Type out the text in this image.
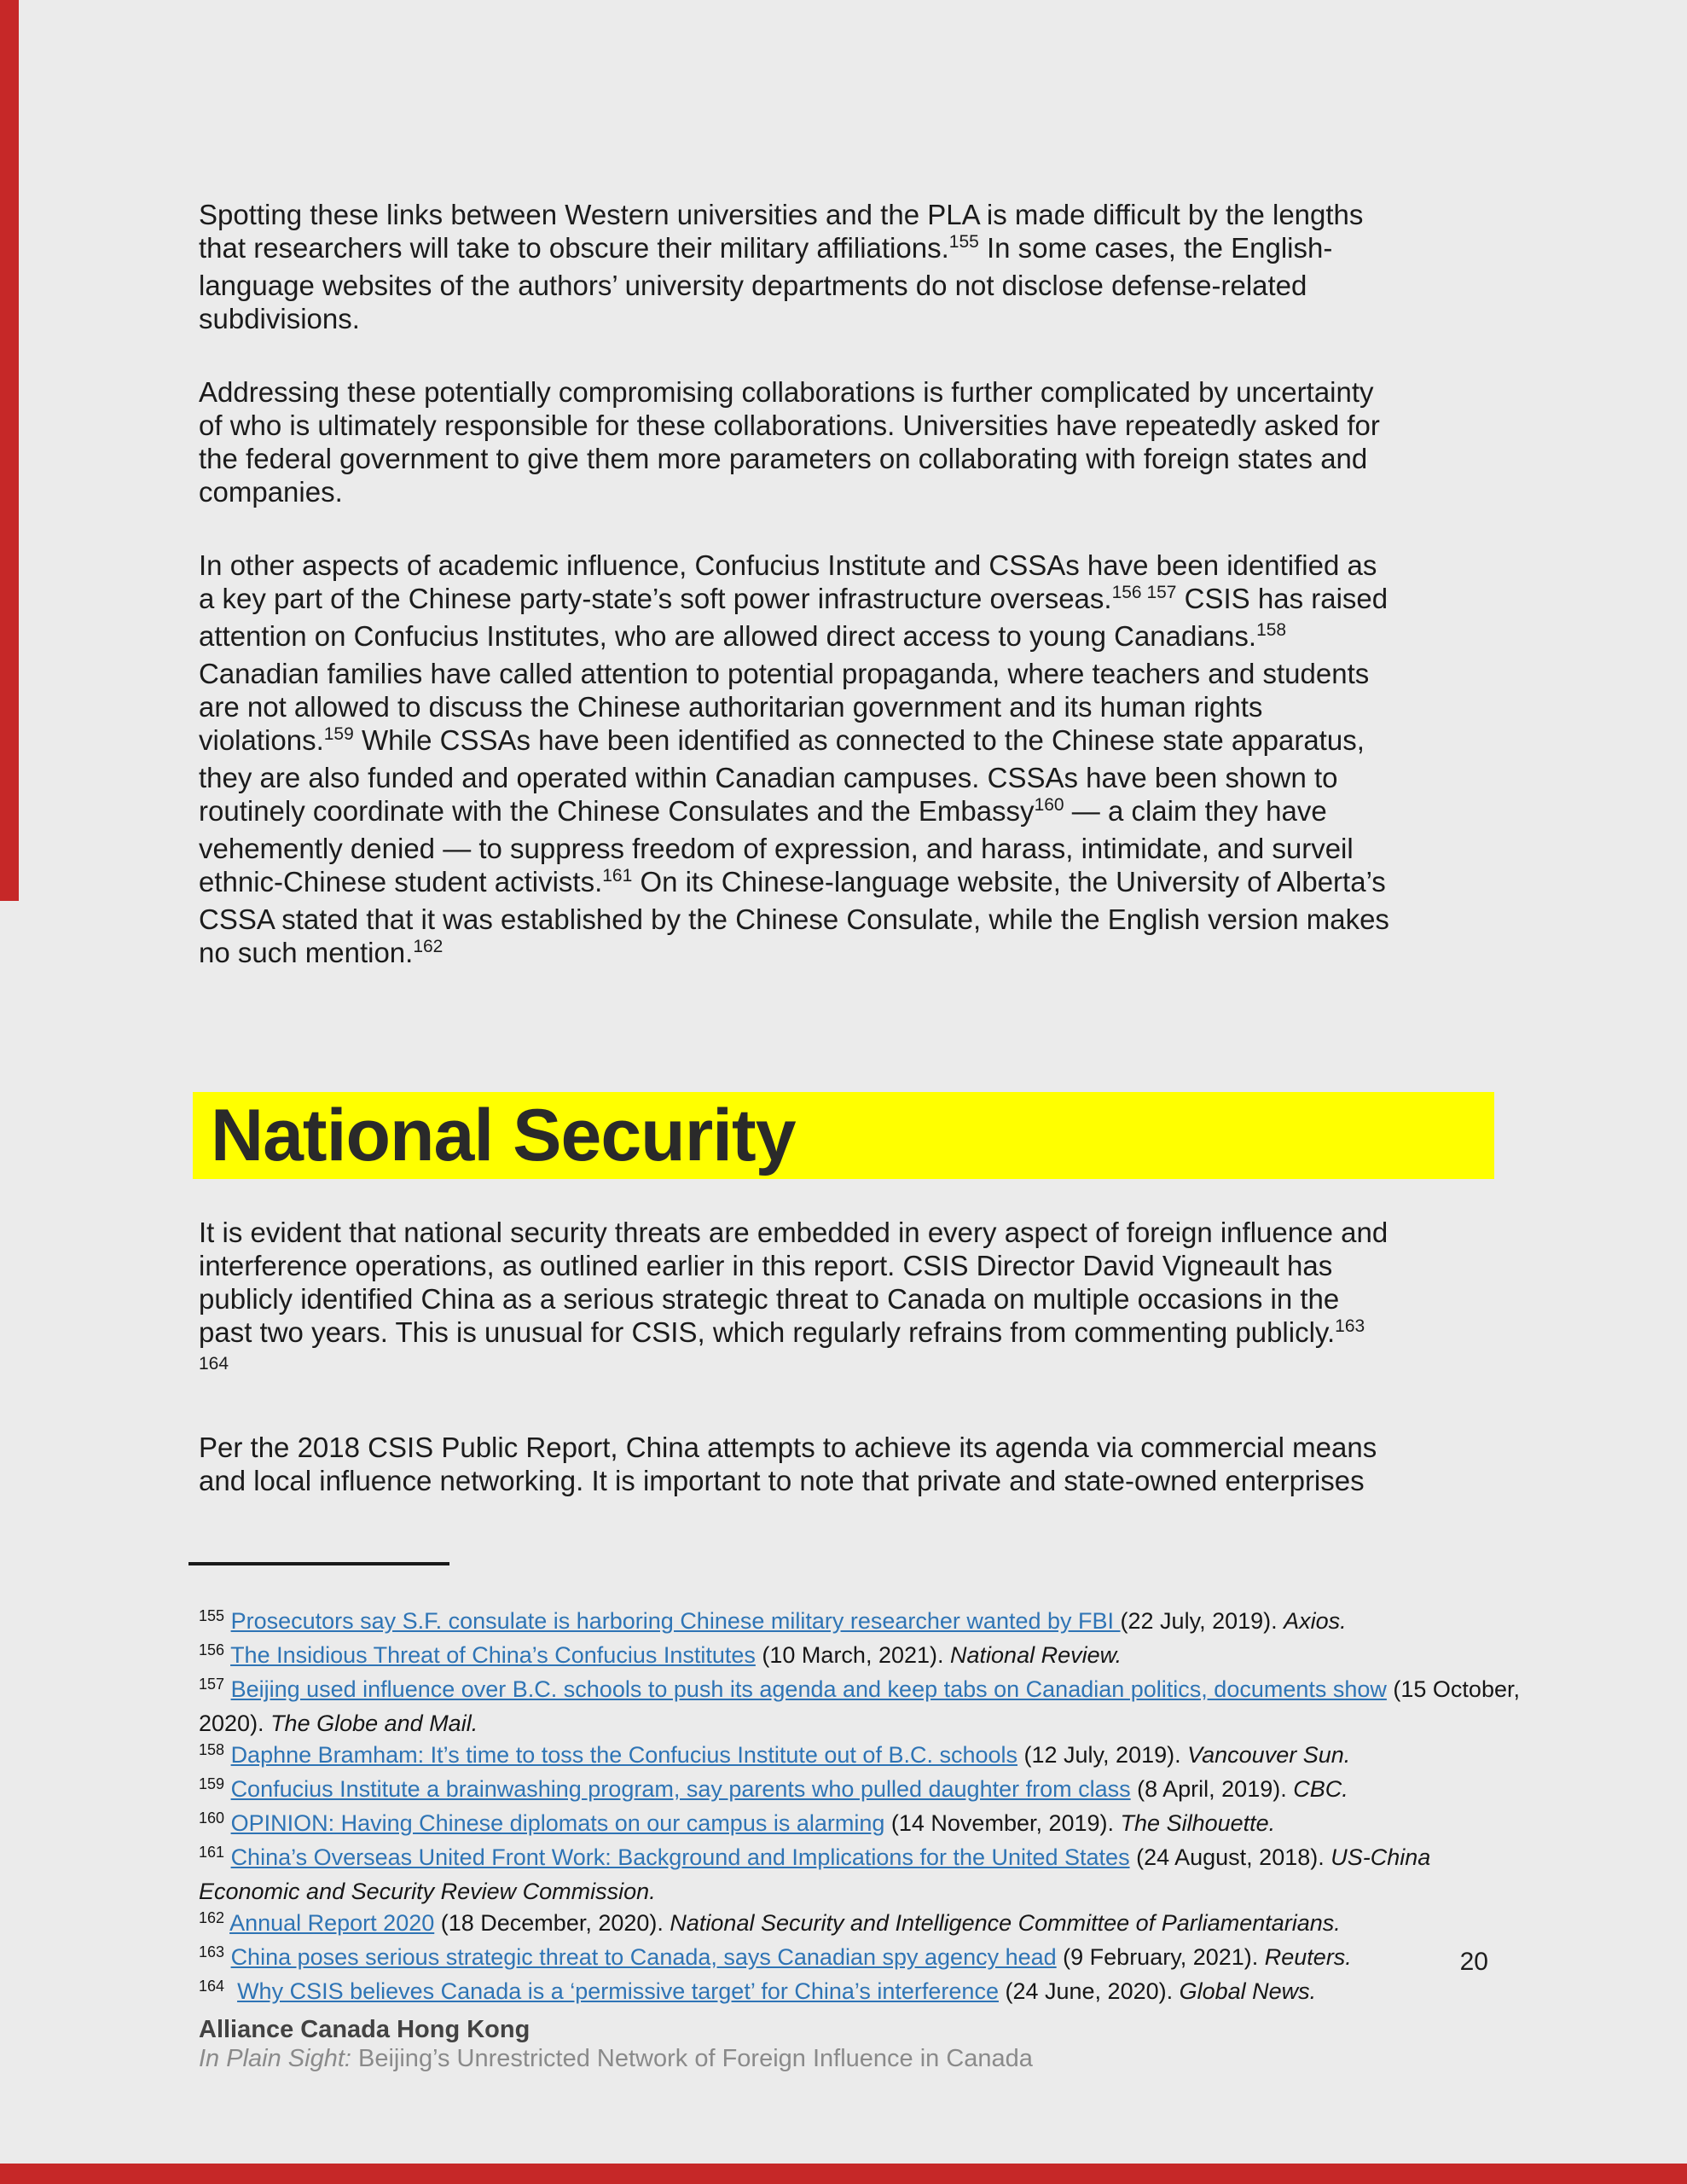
Spotting these links between Western universities and the PLA is made difficult by the lengths
that researchers will take to obscure their military affiliations.$^{155}$ In some cases, the English-
language websites of the authors’ university departments do not disclose defense-related
subdivisions.
Addressing these potentially compromising collaborations is further complicated by uncertainty
of who is ultimately responsible for these collaborations. Universities have repeatedly asked for
the federal government to give them more parameters on collaborating with foreign states and
companies.
In other aspects of academic influence, Confucius Institute and CSSAs have been identified as
a key part of the Chinese party-state’s soft power infrastructure overseas.$^{156 157}$ CSIS has raised
attention on Confucius Institutes, who are allowed direct access to young Canadians.$^{158}$
Canadian families have called attention to potential propaganda, where teachers and students
are not allowed to discuss the Chinese authoritarian government and its human rights
violations.$^{159}$ While CSSAs have been identified as connected to the Chinese state apparatus,
they are also funded and operated within Canadian campuses. CSSAs have been shown to
routinely coordinate with the Chinese Consulates and the Embassy$^{160}$ — a claim they have
vehemently denied — to suppress freedom of expression, and harass, intimidate, and surveil
ethnic-Chinese student activists.$^{161}$ On its Chinese-language website, the University of Alberta’s
CSSA stated that it was established by the Chinese Consulate, while the English version makes
no such mention.$^{162}$
National Security
It is evident that national security threats are embedded in every aspect of foreign influence and
interference operations, as outlined earlier in this report. CSIS Director David Vigneault has
publicly identified China as a serious strategic threat to Canada on multiple occasions in the
past two years. This is unusual for CSIS, which regularly refrains from commenting publicly.$^{163}$
$^{164}$
Per the 2018 CSIS Public Report, China attempts to achieve its agenda via commercial means
and local influence networking. It is important to note that private and state-owned enterprises
$^{155}$ Prosecutors say S.F. consulate is harboring Chinese military researcher wanted by FBI (22 July, 2019). Axios.
$^{156}$ The Insidious Threat of China’s Confucius Institutes (10 March, 2021). National Review.
$^{157}$ Beijing used influence over B.C. schools to push its agenda and keep tabs on Canadian politics, documents show (15 October,
2020). The Globe and Mail.
$^{158}$ Daphne Bramham: It’s time to toss the Confucius Institute out of B.C. schools (12 July, 2019). Vancouver Sun.
$^{159}$ Confucius Institute a brainwashing program, say parents who pulled daughter from class (8 April, 2019). CBC.
$^{160}$ OPINION: Having Chinese diplomats on our campus is alarming (14 November, 2019). The Silhouette.
$^{161}$ China’s Overseas United Front Work: Background and Implications for the United States (24 August, 2018). US-China
Economic and Security Review Commission.
$^{162}$ Annual Report 2020 (18 December, 2020). National Security and Intelligence Committee of Parliamentarians.
$^{163}$ China poses serious strategic threat to Canada, says Canadian spy agency head (9 February, 2021). Reuters.
$^{164}$ Why CSIS believes Canada is a ‘permissive target’ for China’s interference (24 June, 2020). Global News.
20
Alliance Canada Hong Kong
In Plain Sight: Beijing’s Unrestricted Network of Foreign Influence in Canada
